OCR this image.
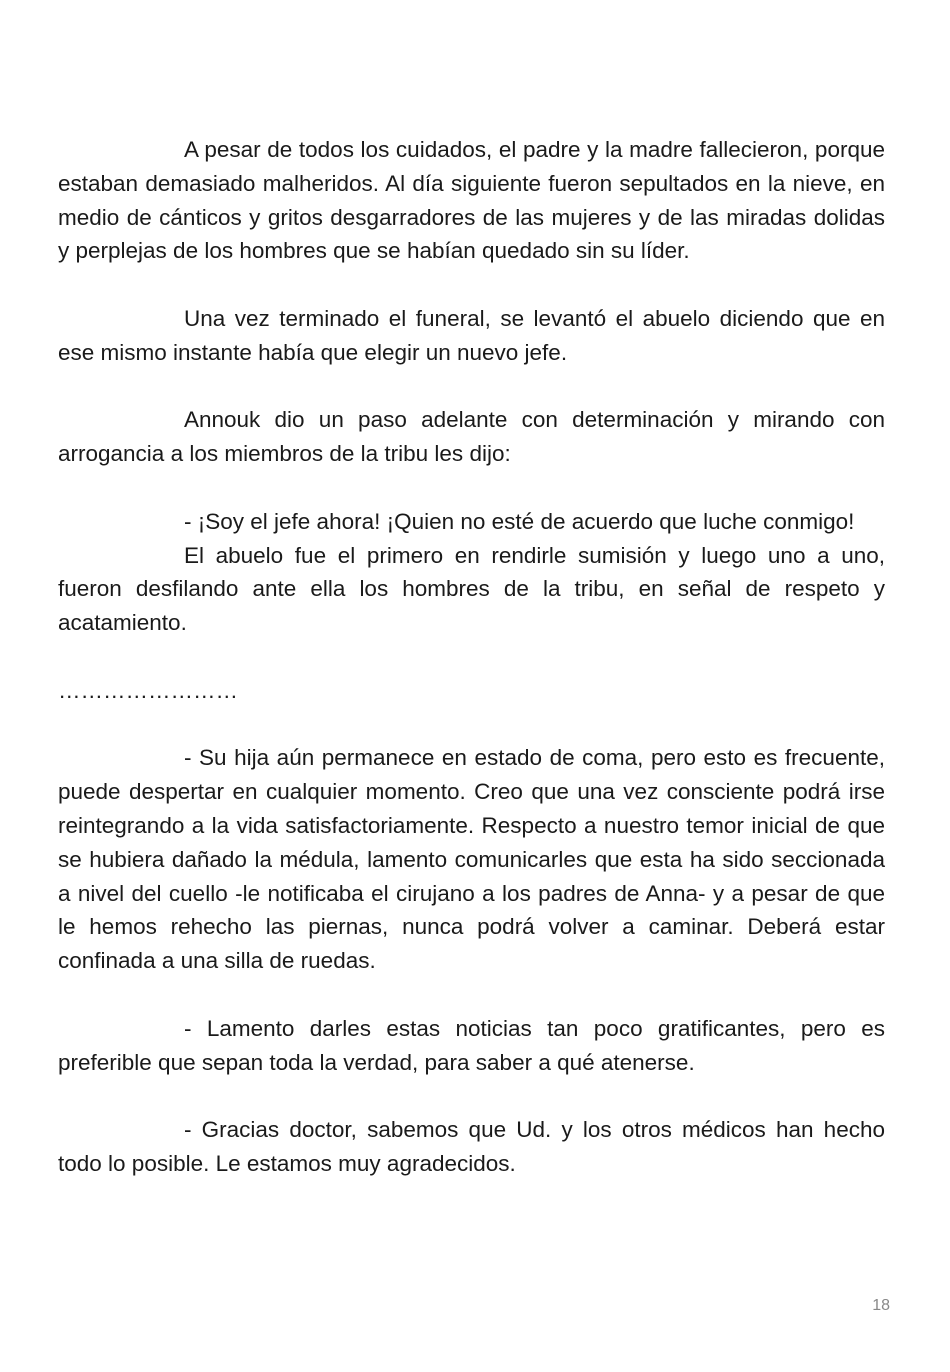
A pesar de todos los cuidados, el padre y la madre fallecieron, porque estaban demasiado malheridos. Al día siguiente fueron sepultados en la nieve, en medio de cánticos y gritos desgarradores de las mujeres y de las miradas dolidas y perplejas de los hombres que se habían quedado sin su líder.

Una vez terminado el funeral, se levantó el abuelo diciendo que en ese mismo instante había que elegir un nuevo jefe.

Annouk dio un paso adelante con determinación y mirando con arrogancia a los miembros de la tribu les dijo:

- ¡Soy el jefe ahora! ¡Quien no esté de acuerdo que luche conmigo!

El abuelo fue el primero en rendirle sumisión y luego uno a uno, fueron desfilando ante ella los hombres de la tribu, en señal de respeto y acatamiento.

……………………

- Su hija aún permanece en estado de coma, pero esto es frecuente, puede despertar en cualquier momento. Creo que una vez consciente podrá irse reintegrando a la vida satisfactoriamente. Respecto a nuestro temor inicial de que se hubiera dañado la médula, lamento comunicarles que esta ha sido seccionada a nivel del cuello -le notificaba el cirujano a los padres de Anna- y a pesar de que le hemos rehecho las piernas, nunca podrá volver a caminar. Deberá estar confinada a una silla de ruedas.

- Lamento darles estas noticias tan poco gratificantes, pero es preferible que sepan toda la verdad, para saber a qué atenerse.

- Gracias doctor, sabemos que Ud. y los otros médicos han hecho todo lo posible. Le estamos muy agradecidos.

18
